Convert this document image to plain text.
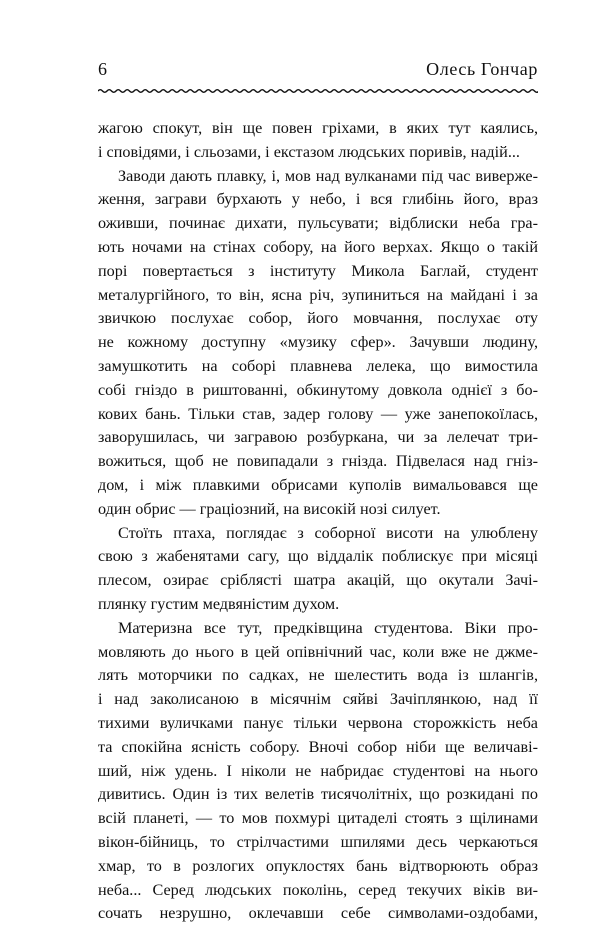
6	Олесь Гончар
жагою спокут, він ще повен гріхами, в яких тут каялись,
і сповідями, і сльозами, і екстазом людських поривів, надій...
Заводи дають плавку, і, мов над вулканами під час виверже-
ження, заграви бурхають у небо, і вся глибінь його, враз
оживши, починає дихати, пульсувати; відблиски неба гра-
ють ночами на стінах собору, на його верхах. Якщо о такій
порі повертається з інституту Микола Баглай, студент
металургійного, то він, ясна річ, зупиниться на майдані і за
звичкою послухає собор, його мовчання, послухає оту
не кожному доступну «музику сфер». Зачувши людину,
замушкотить на соборі плавнева лелека, що вимостила
собі гніздо в риштованні, обкинутому довкола однієї з бо-
кових бань. Тільки став, задер голову — уже занепокоїлась,
заворушилась, чи загравою розбуркана, чи за лелечат три-
вожиться, щоб не повипадали з гнізда. Підвелася над гніз-
дом, і між плавкими обрисами куполів вимальовався ще
один обрис — граціозний, на високій нозі силует.
Стоїть птаха, поглядає з соборної висоти на улюблену
свою з жабенятами сагу, що віддалік поблискує при місяці
плесом, озирає сріблясті шатра акацій, що окутали Зачі-
плянку густим медвяністим духом.
Материзна все тут, предківщина студентова. Віки про-
мовляють до нього в цей опівнічний час, коли вже не джме-
лять моторчики по садках, не шелестить вода із шлангів,
і над заколисаною в місячнім сяйві Зачіплянкою, над її
тихими вуличками панує тільки червона сторожкість неба
та спокійна ясність собору. Вночі собор ніби ще величаві-
ший, ніж удень. І ніколи не набридає студентові на нього
дивитись. Один із тих велетів тисячолітніх, що розкидані по
всій планеті, — то мов похмурі цитаделі стоять з щілинами
вікон-бійниць, то стрілчастими шпилями десь черкаються
хмар, то в розлогих опуклостях бань відтворюють образ
неба... Серед людських поколінь, серед текучих віків ви-
сочать незрушно, оклечавши себе символами-оздобами,
